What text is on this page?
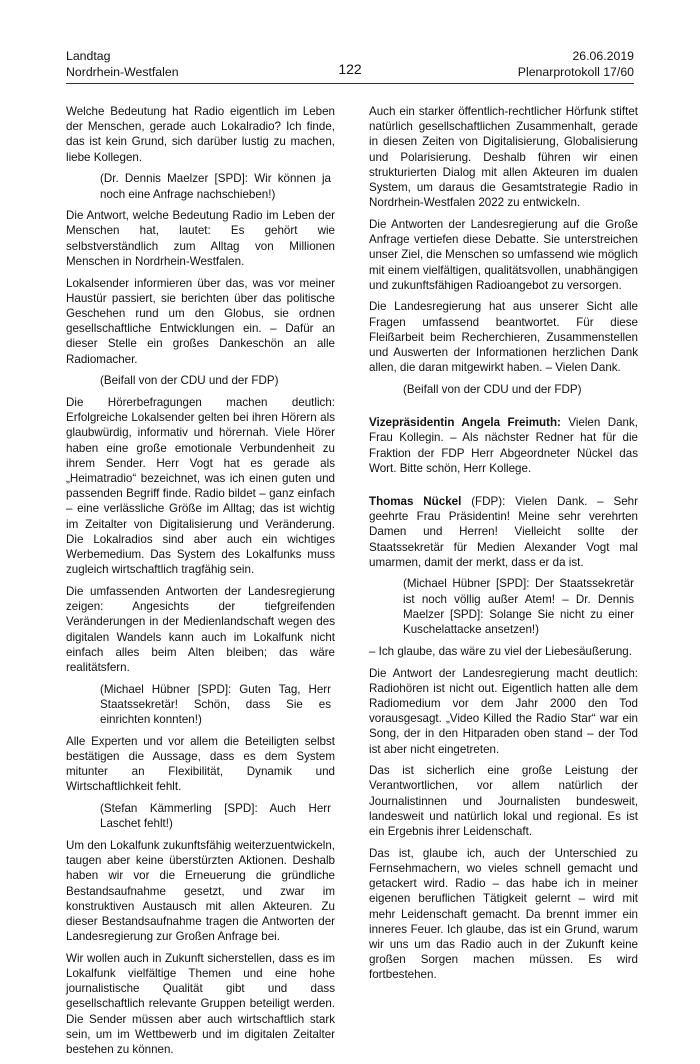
Landtag
Nordrhein-Westfalen	122
26.06.2019
Plenarprotokoll 17/60

Welche Bedeutung hat Radio eigentlich im Leben der Menschen, gerade auch Lokalradio? Ich finde, das ist kein Grund, sich darüber lustig zu machen, liebe Kollegen.

(Dr. Dennis Maelzer [SPD]: Wir können ja noch eine Anfrage nachschieben!)

Die Antwort, welche Bedeutung Radio im Leben der Menschen hat, lautet: Es gehört wie selbstverständlich zum Alltag von Millionen Menschen in Nordrhein-Westfalen.

Lokalsender informieren über das, was vor meiner Haustür passiert, sie berichten über das politische Geschehen rund um den Globus, sie ordnen gesellschaftliche Entwicklungen ein. – Dafür an dieser Stelle ein großes Dankeschön an alle Radiomacher.

(Beifall von der CDU und der FDP)

Die Hörerbefragungen machen deutlich: Erfolgreiche Lokalsender gelten bei ihren Hörern als glaubwürdig, informativ und hörernah. Viele Hörer haben eine große emotionale Verbundenheit zu ihrem Sender. Herr Vogt hat es gerade als „Heimatradio“ bezeichnet, was ich einen guten und passenden Begriff finde. Radio bildet – ganz einfach – eine verlässliche Größe im Alltag; das ist wichtig im Zeitalter von Digitalisierung und Veränderung. Die Lokalradios sind aber auch ein wichtiges Werbemedium. Das System des Lokalfunks muss zugleich wirtschaftlich tragfähig sein.

Die umfassenden Antworten der Landesregierung zeigen: Angesichts der tiefgreifenden Veränderungen in der Medienlandschaft wegen des digitalen Wandels kann auch im Lokalfunk nicht einfach alles beim Alten bleiben; das wäre realitätsfern.

(Michael Hübner [SPD]: Guten Tag, Herr Staatssekretär! Schön, dass Sie es einrichten konnten!)

Alle Experten und vor allem die Beteiligten selbst bestätigen die Aussage, dass es dem System mitunter an Flexibilität, Dynamik und Wirtschaftlichkeit fehlt.

(Stefan Kämmerling [SPD]: Auch Herr Laschet fehlt!)

Um den Lokalfunk zukunftsfähig weiterzuentwickeln, taugen aber keine überstürzten Aktionen. Deshalb haben wir vor die Erneuerung die gründliche Bestandsaufnahme gesetzt, und zwar im konstruktiven Austausch mit allen Akteuren. Zu dieser Bestandsaufnahme tragen die Antworten der Landesregierung zur Großen Anfrage bei.

Wir wollen auch in Zukunft sicherstellen, dass es im Lokalfunk vielfältige Themen und eine hohe journalistische Qualität gibt und dass gesellschaftlich relevante Gruppen beteiligt werden. Die Sender müssen aber auch wirtschaftlich stark sein, um im Wettbewerb und im digitalen Zeitalter bestehen zu können.

Auch ein starker öffentlich-rechtlicher Hörfunk stiftet natürlich gesellschaftlichen Zusammenhalt, gerade in diesen Zeiten von Digitalisierung, Globalisierung und Polarisierung. Deshalb führen wir einen strukturierten Dialog mit allen Akteuren im dualen System, um daraus die Gesamtstrategie Radio in Nordrhein-Westfalen 2022 zu entwickeln.

Die Antworten der Landesregierung auf die Große Anfrage vertiefen diese Debatte. Sie unterstreichen unser Ziel, die Menschen so umfassend wie möglich mit einem vielfältigen, qualitätsvollen, unabhängigen und zukunftsfähigen Radioangebot zu versorgen.

Die Landesregierung hat aus unserer Sicht alle Fragen umfassend beantwortet. Für diese Fleißarbeit beim Recherchieren, Zusammenstellen und Auswerten der Informationen herzlichen Dank allen, die daran mitgewirkt haben. – Vielen Dank.

(Beifall von der CDU und der FDP)

Vizepräsidentin Angela Freimuth: Vielen Dank, Frau Kollegin. – Als nächster Redner hat für die Fraktion der FDP Herr Abgeordneter Nückel das Wort. Bitte schön, Herr Kollege.

Thomas Nückel (FDP): Vielen Dank. – Sehr geehrte Frau Präsidentin! Meine sehr verehrten Damen und Herren! Vielleicht sollte der Staatssekretär für Medien Alexander Vogt mal umarmen, damit der merkt, dass er da ist.

(Michael Hübner [SPD]: Der Staatssekretär ist noch völlig außer Atem! – Dr. Dennis Maelzer [SPD]: Solange Sie nicht zu einer Kuschelattacke ansetzen!)

– Ich glaube, das wäre zu viel der Liebesäußerung.

Die Antwort der Landesregierung macht deutlich: Radiohören ist nicht out. Eigentlich hatten alle dem Radiomedium vor dem Jahr 2000 den Tod vorausgesagt. „Video Killed the Radio Star“ war ein Song, der in den Hitparaden oben stand – der Tod ist aber nicht eingetreten.

Das ist sicherlich eine große Leistung der Verantwortlichen, vor allem natürlich der Journalistinnen und Journalisten bundesweit, landesweit und natürlich lokal und regional. Es ist ein Ergebnis ihrer Leidenschaft.

Das ist, glaube ich, auch der Unterschied zu Fernsehmachern, wo vieles schnell gemacht und getackert wird. Radio – das habe ich in meiner eigenen beruflichen Tätigkeit gelernt – wird mit mehr Leidenschaft gemacht. Da brennt immer ein inneres Feuer. Ich glaube, das ist ein Grund, warum wir uns um das Radio auch in der Zukunft keine großen Sorgen machen müssen. Es wird fortbestehen.
